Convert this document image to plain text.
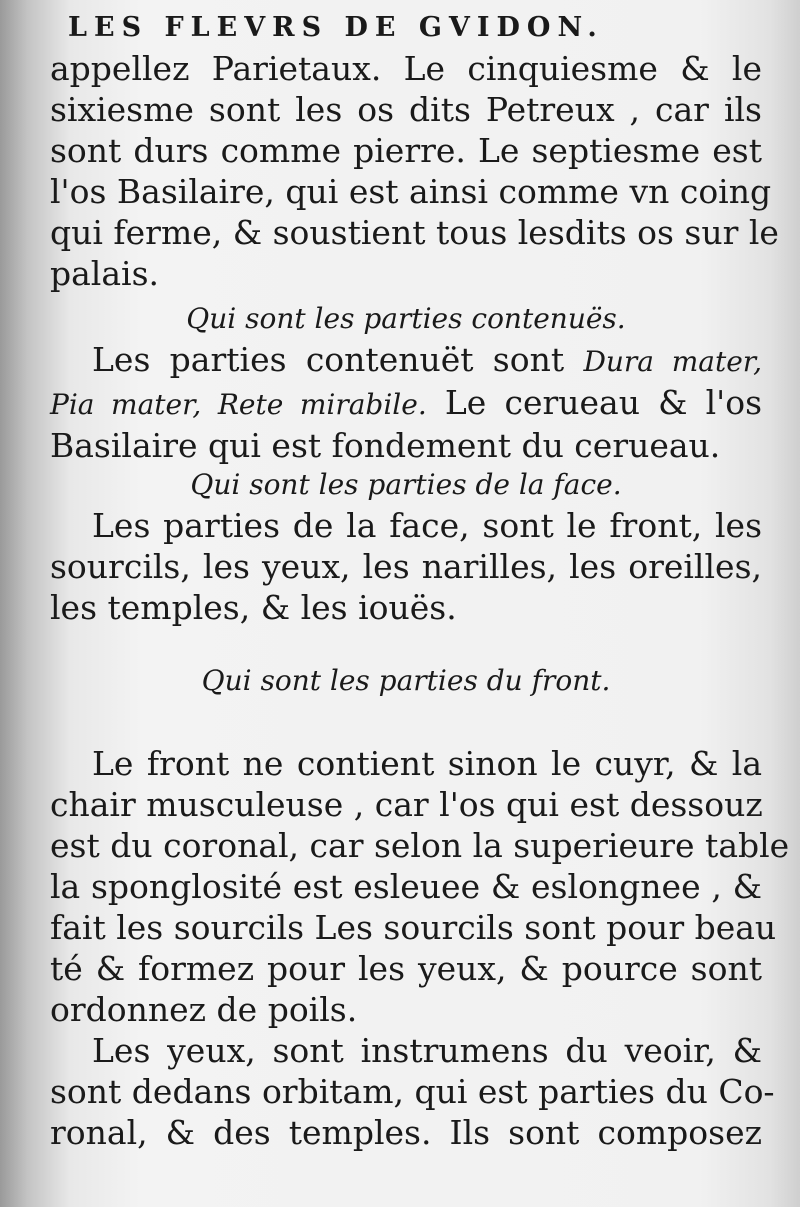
LES FLEVRS DE GVIDON.
appellez Parietaux. Le cinquiesme & le
sixiesme sont les os dits Petreux , car ils
sont durs comme pierre. Le septiesme est
l'os Basilaire, qui est ainsi comme vn coing
qui ferme, & soustient tous lesdits os sur le
palais.
Qui sont les parties contenuës.
Les parties contenuët sont Dura mater,
Pia mater, Rete mirabile. Le cerueau & l'os
Basilaire qui est fondement du cerueau.
Qui sont les parties de la face.
Les parties de la face, sont le front, les
sourcils, les yeux, les narilles, les oreilles,
les temples, & les iouës.
Qui sont les parties du front.
Le front ne contient sinon le cuyr, & la
chair musculeuse , car l'os qui est dessouz
est du coronal, car selon la superieure table
la sponglosité est esleuee & eslongnee , &
fait les sourcils Les sourcils sont pour beau
té & formez pour les yeux, & pource sont
ordonnez de poils.
Les yeux, sont instrumens du veoir, &
sont dedans orbitam, qui est parties du Co-
ronal, & des temples. Ils sont composez
